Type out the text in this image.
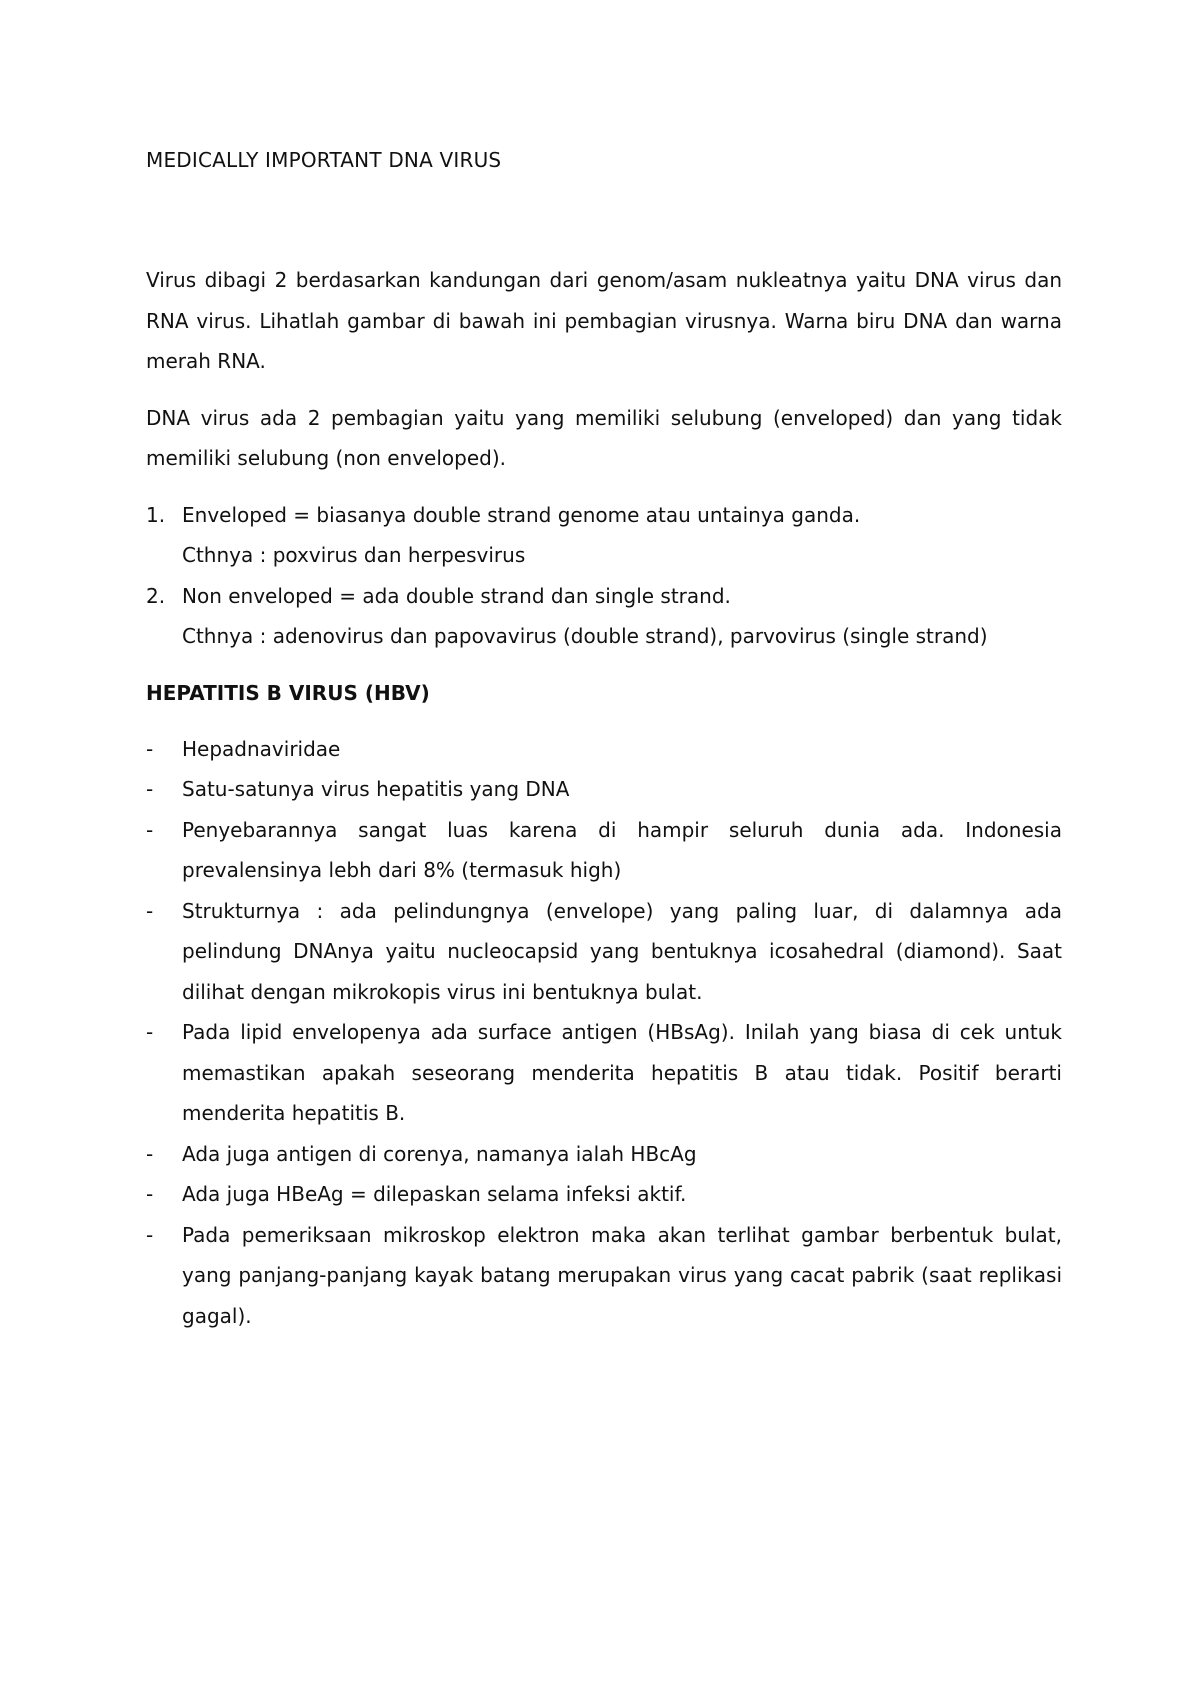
MEDICALLY IMPORTANT DNA VIRUS

Virus dibagi 2 berdasarkan kandungan dari genom/asam nukleatnya yaitu DNA virus dan RNA virus. Lihatlah gambar di bawah ini pembagian virusnya. Warna biru DNA dan warna merah RNA.

DNA virus ada 2 pembagian yaitu yang memiliki selubung (enveloped) dan yang tidak memiliki selubung (non enveloped).

1. Enveloped = biasanya double strand genome atau untainya ganda.
Cthnya : poxvirus dan herpesvirus
2. Non enveloped = ada double strand dan single strand.
Cthnya : adenovirus dan papovavirus (double strand), parvovirus (single strand)
HEPATITIS B VIRUS (HBV)
- Hepadnaviridae
- Satu-satunya virus hepatitis yang DNA
- Penyebarannya sangat luas karena di hampir seluruh dunia ada. Indonesia prevalensinya lebh dari 8% (termasuk high)
- Strukturnya : ada pelindungnya (envelope) yang paling luar, di dalamnya ada pelindung DNAnya yaitu nucleocapsid yang bentuknya icosahedral (diamond). Saat dilihat dengan mikrokopis virus ini bentuknya bulat.
- Pada lipid envelopenya ada surface antigen (HBsAg). Inilah yang biasa di cek untuk memastikan apakah seseorang menderita hepatitis B atau tidak. Positif berarti menderita hepatitis B.
- Ada juga antigen di corenya, namanya ialah HBcAg
- Ada juga HBeAg = dilepaskan selama infeksi aktif.
- Pada pemeriksaan mikroskop elektron maka akan terlihat gambar berbentuk bulat, yang panjang-panjang kayak batang merupakan virus yang cacat pabrik (saat replikasi gagal).
